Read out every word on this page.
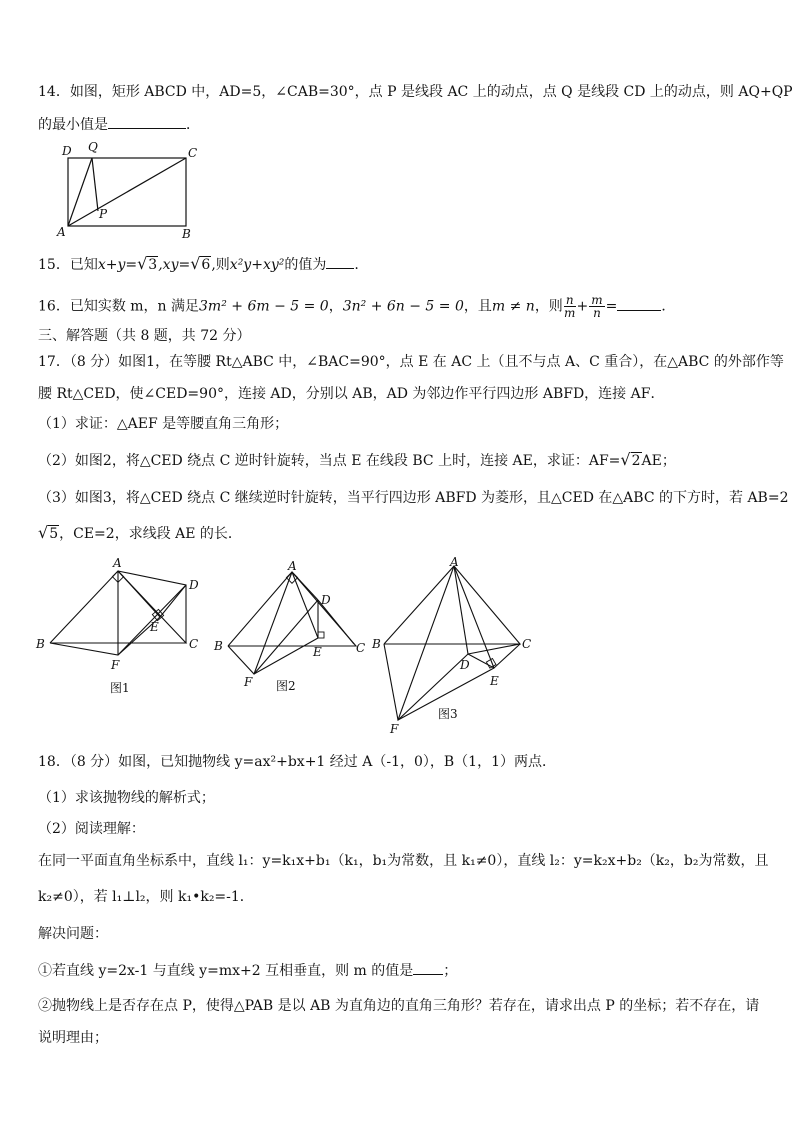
14．如图，矩形 ABCD 中，AD=5，∠CAB=30°，点 P 是线段 AC 上的动点，点 Q 是线段 CD 上的动点，则 AQ+QP
的最小值是	．
D Q	C
P
A	B
15．已知x+y=√3,xy=√6,则x²y+xy²的值为 .
16．已知实数 m，n 满足3m² + 6m − 5 = 0，3n² + 6n − 5 = 0，且m ≠ n，则 $\frac{n}{m} + \frac{m}{n}$ =	．
三、解答题（共 8 题，共 72 分）
17．（8 分）如图1，在等腰 Rt△ABC 中，∠BAC=90°，点 E 在 AC 上（且不与点 A、C 重合），在△ABC 的外部作等
腰 Rt△CED，使∠CED=90°，连接 AD，分别以 AB，AD 为邻边作平行四边形 ABFD，连接 AF．
（1）求证：△AEF 是等腰直角三角形；
（2）如图2，将△CED 绕点 C 逆时针旋转，当点 E 在线段 BC 上时，连接 AE，求证：AF=√2AE；
（3）如图3，将△CED 绕点 C 继续逆时针旋转，当平行四边形 ABFD 为菱形，且△CED 在△ABC 的下方时，若 AB=2
√5，CE=2，求线段 AE 的长．
A
D
E
B	C
F
图1
A
D
B	E	C
F 图2
A
B	C
D
E
F
图3
18．（8 分）如图，已知抛物线 y=ax²+bx+1 经过 A（-1，0），B（1，1）两点．
（1）求该抛物线的解析式；
（2）阅读理解：
在同一平面直角坐标系中，直线 l₁：y=k₁x+b₁（k₁，b₁为常数，且 k₁≠0），直线 l₂：y=k₂x+b₂（k₂，b₂为常数，且
k₂≠0），若 l₁⊥l₂，则 k₁•k₂=-1．
解决问题：
①若直线 y=2x-1 与直线 y=mx+2 互相垂直，则 m 的值是 ；
②抛物线上是否存在点 P，使得△PAB 是以 AB 为直角边的直角三角形？若存在，请求出点 P 的坐标；若不存在，请
说明理由；
